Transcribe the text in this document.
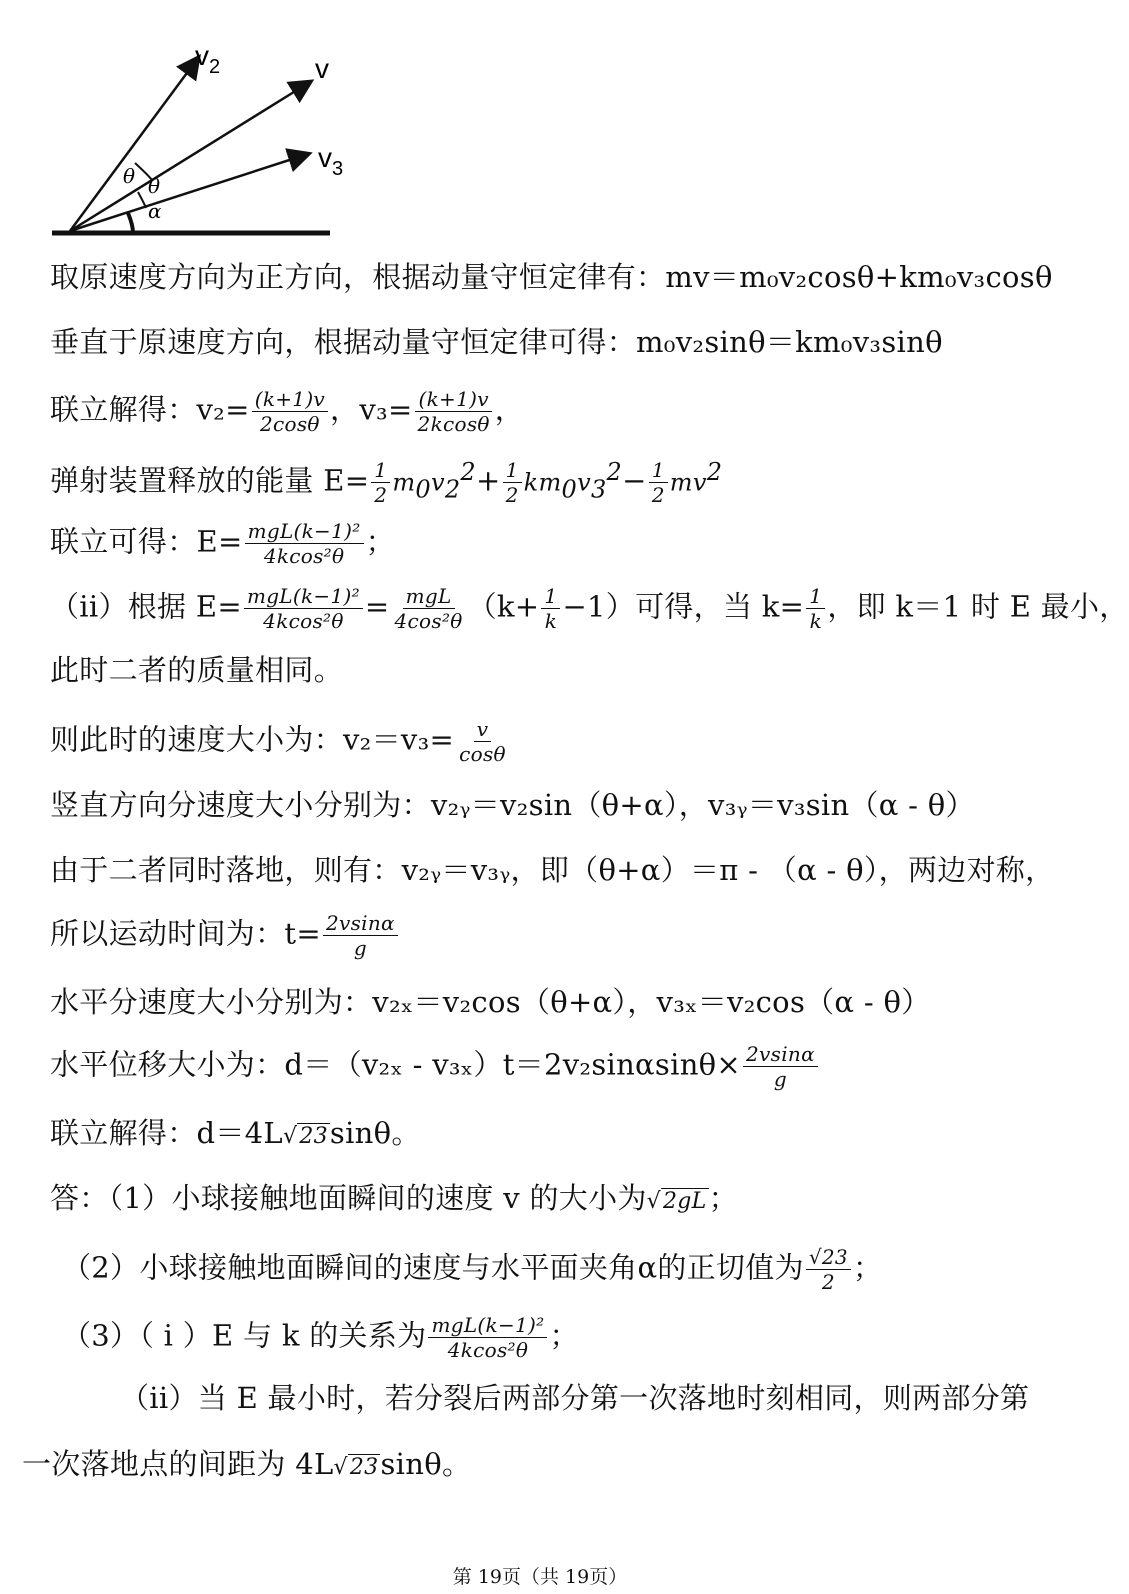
$v_2$	v
$v_3$
θ θ
α
取原速度方向为正方向，根据动量守恒定律有：mv＝m₀v₂cosθ+km₀v₃cosθ
垂直于原速度方向，根据动量守恒定律可得：m₀v₂sinθ＝km₀v₃sinθ
联立解得：$v_2= \frac{(k+1)v}{2\cos\theta}$ ，$v_3= \frac{(k+1)v}{2kcos\theta}$ ，
弹射装置释放的能量 $E= \frac{1}{2} m_0v_2^2+ \frac{1}{2} km_0v_3^2- \frac{1}{2} mv^2$
联立可得：$E= \frac{\text{mgL(k−1)²}}{\text{4kcos²θ}}$ ；
（ii）根据 $E= \frac{\text{mgL(k−1)²}}{\text{4kcos²θ}} = \frac{\text{mgL}}{\text{4cos²θ}} (k+ \frac{1}{k} -1)$可得，当 $k= \frac{1}{k}$ ，即 k＝1 时 E 最小，
此时二者的质量相同。
则此时的速度大小为：$v_2=v_3= \frac{v}{\cos\theta}$
竖直方向分速度大小分别为：v₂ᵧ＝v₂sin（θ+α），v₃ᵧ＝v₃sin（α - θ）
由于二者同时落地，则有：v₂ᵧ＝v₃ᵧ，即（θ+α）＝π - （α - θ），两边对称，
所以运动时间为：$t= \frac{2vsin\alpha}{g}$
水平分速度大小分别为：v₂ₓ＝v₂cos（θ+α），v₃ₓ＝v₂cos（α - θ）
水平位移大小为：$d=(v_{2x} - v_{3x})t=2v_2\sin\alpha\sin\theta\times \frac{2vsin\alpha}{g}$
联立解得：d＝4L√23sinθ。
答：（1）小球接触地面瞬间的速度 v 的大小为√2gL；
（2）小球接触地面瞬间的速度与水平面夹角α的正切值为 $\frac{√23}{2}$ ；
（3）（ i ）E 与 k 的关系为 $\frac{\text{mgL(k−1)²}}{\text{4kcos²θ}}$ ；
（ii）当 E 最小时，若分裂后两部分第一次落地时刻相同，则两部分第
一次落地点的间距为 4L√23sinθ。
第 19页（共 19页）
